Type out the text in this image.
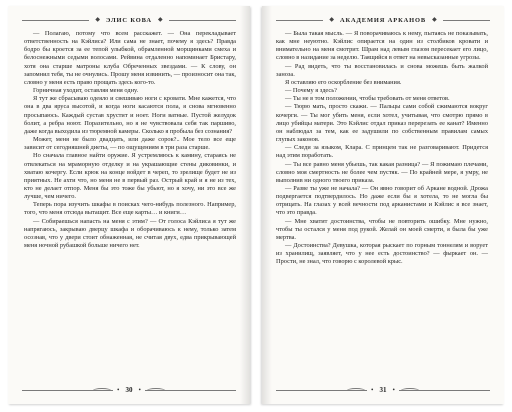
◆ ЭЛИС КОВА ◆

— Полагаю, потому что всем расскажет. — Она перекладывает ответственность на Кэйлиса? Или сама не знает, почему я здесь? Правда бодро бы кроется за ее тепой улыбкой, обрамленной морщинками смеха и белоснежными седыми волосами. Рейвина отдаленно напоминает Бристару, хотя она старше матроны клуба Обреченных звездами. — К слову, он запомнил тебя, ты не очнулись. Прошу меня извинить, — произносит она так, словно у меня есть право прощать здесь кого-то.

Горничная уходит, оставляя меня одну.

Я тут же сбрасываю одеяло и свешиваю ноги с кровати. Мне кажется, что она в два яруса высотой, и когда ноги касаются пола, я снова мгновенно просыпаюсь. Каждый сустав хрустит и ноет. Ноги ватные. Пустой желудок болит, а ребра ноют. Поразительно, но я не чувствовала себя так паршиво, даже когда выходила из тюремной камеры. Сколько я пробыла без сознания?

Может, меня не было двадцать, или даже сорок?.. Мое тело все еще зависит от сегодняшней диеты, — по ощущениям в три раза старше.

Но сначала главное найти оружие. Я устремляюсь к камину, стараясь не отвлекаться на мраморную отделку и на украшающие стены диковинки, и хватаю кочергу. Если крюк на конце войдет в череп, то зрелище будет не из приятных. Не ахти что, но меня не в первый раз. Острый край и я не из тех, кто не делает отпор. Меня бы это тоже бы убьют, но я хочу, ни это все же лучше, чем ничего.

Теперь пора изучить шкафы в поисках чего-нибудь полезного. Например, того, что меня отсюда вытащит. Все еще карты… и книги…

— Собираешься напасть на меня с этим? — От голоса Кэйлиса я тут же напрягаюсь, закрываю дверцу шкафа и оборачиваюсь к нему, только затем осознав, что у двери стоит обнаженная, не считая двух, едва прикрывающей меня ночной рубашкой больше ничего нет.

• 30 •
◆ АКАДЕМИЯ АРКАНОВ ◆

— Была такая мысль. — Я поворачиваюсь к нему, пытаясь не показывать, как мне неуютно. Кэйлис опирается на один из столбиков кровати и внимательно на меня смотрит. Шрам над левым глазом пересекает его лицо, словно в назидание за неделю. Таящийся в ответ на невысказанные угрозы.

— Рад видеть, что ты восстановилась и снова можешь быть жалкой заноза.

Я оставляю его оскорбление без внимания.

— Почему я здесь?

— Ты не в том положении, чтобы требовать от меня ответов.

— Тюрю мать, просто скажи. — Пальцы сами собой сжимаются вокруг кочерги. — Ты мог убить меня, если хотел, учитывая, что смотрю прямо в лицо убийцы матери. Это Кэйлис отдал приказ перерезать ее канат? Именно он наблюдал за тем, как ее задушили по собственным правилам самых глупых законов.

— Следи за языком, Клара. С принцем так не разговаривают. Придется над этим поработать.

— Ты все равно меня убьешь, так какая разница? — Я пожимаю плечами, словно моя смертность не более чем пустяк. — По крайней мере, я умру, не выполнив ни одного твоего приказа.

— Разве ты уже не начала? — Он явно говорит об Аркане водной. Дрожа подвергается подтвердилось. Но даже если бы я хотела, то не могла бы отрицать. На глазах у всей вечности под арканистами и Кэйлис я все знает, что это правда.

— Мне хватит достоинства, чтобы не повторить ошибку. Мне нужно, чтобы ты остался у меня под рукой. Желай он моей смерти, я была бы уже мертва.

— Достоинства? Девушка, которая рыскает по горным тоннелям и ворует из хранилищ, заявляет, что у нее есть достоинство? — фыркает он. — Прости, не знал, что говорю с королевой крыс.

• 31 •
